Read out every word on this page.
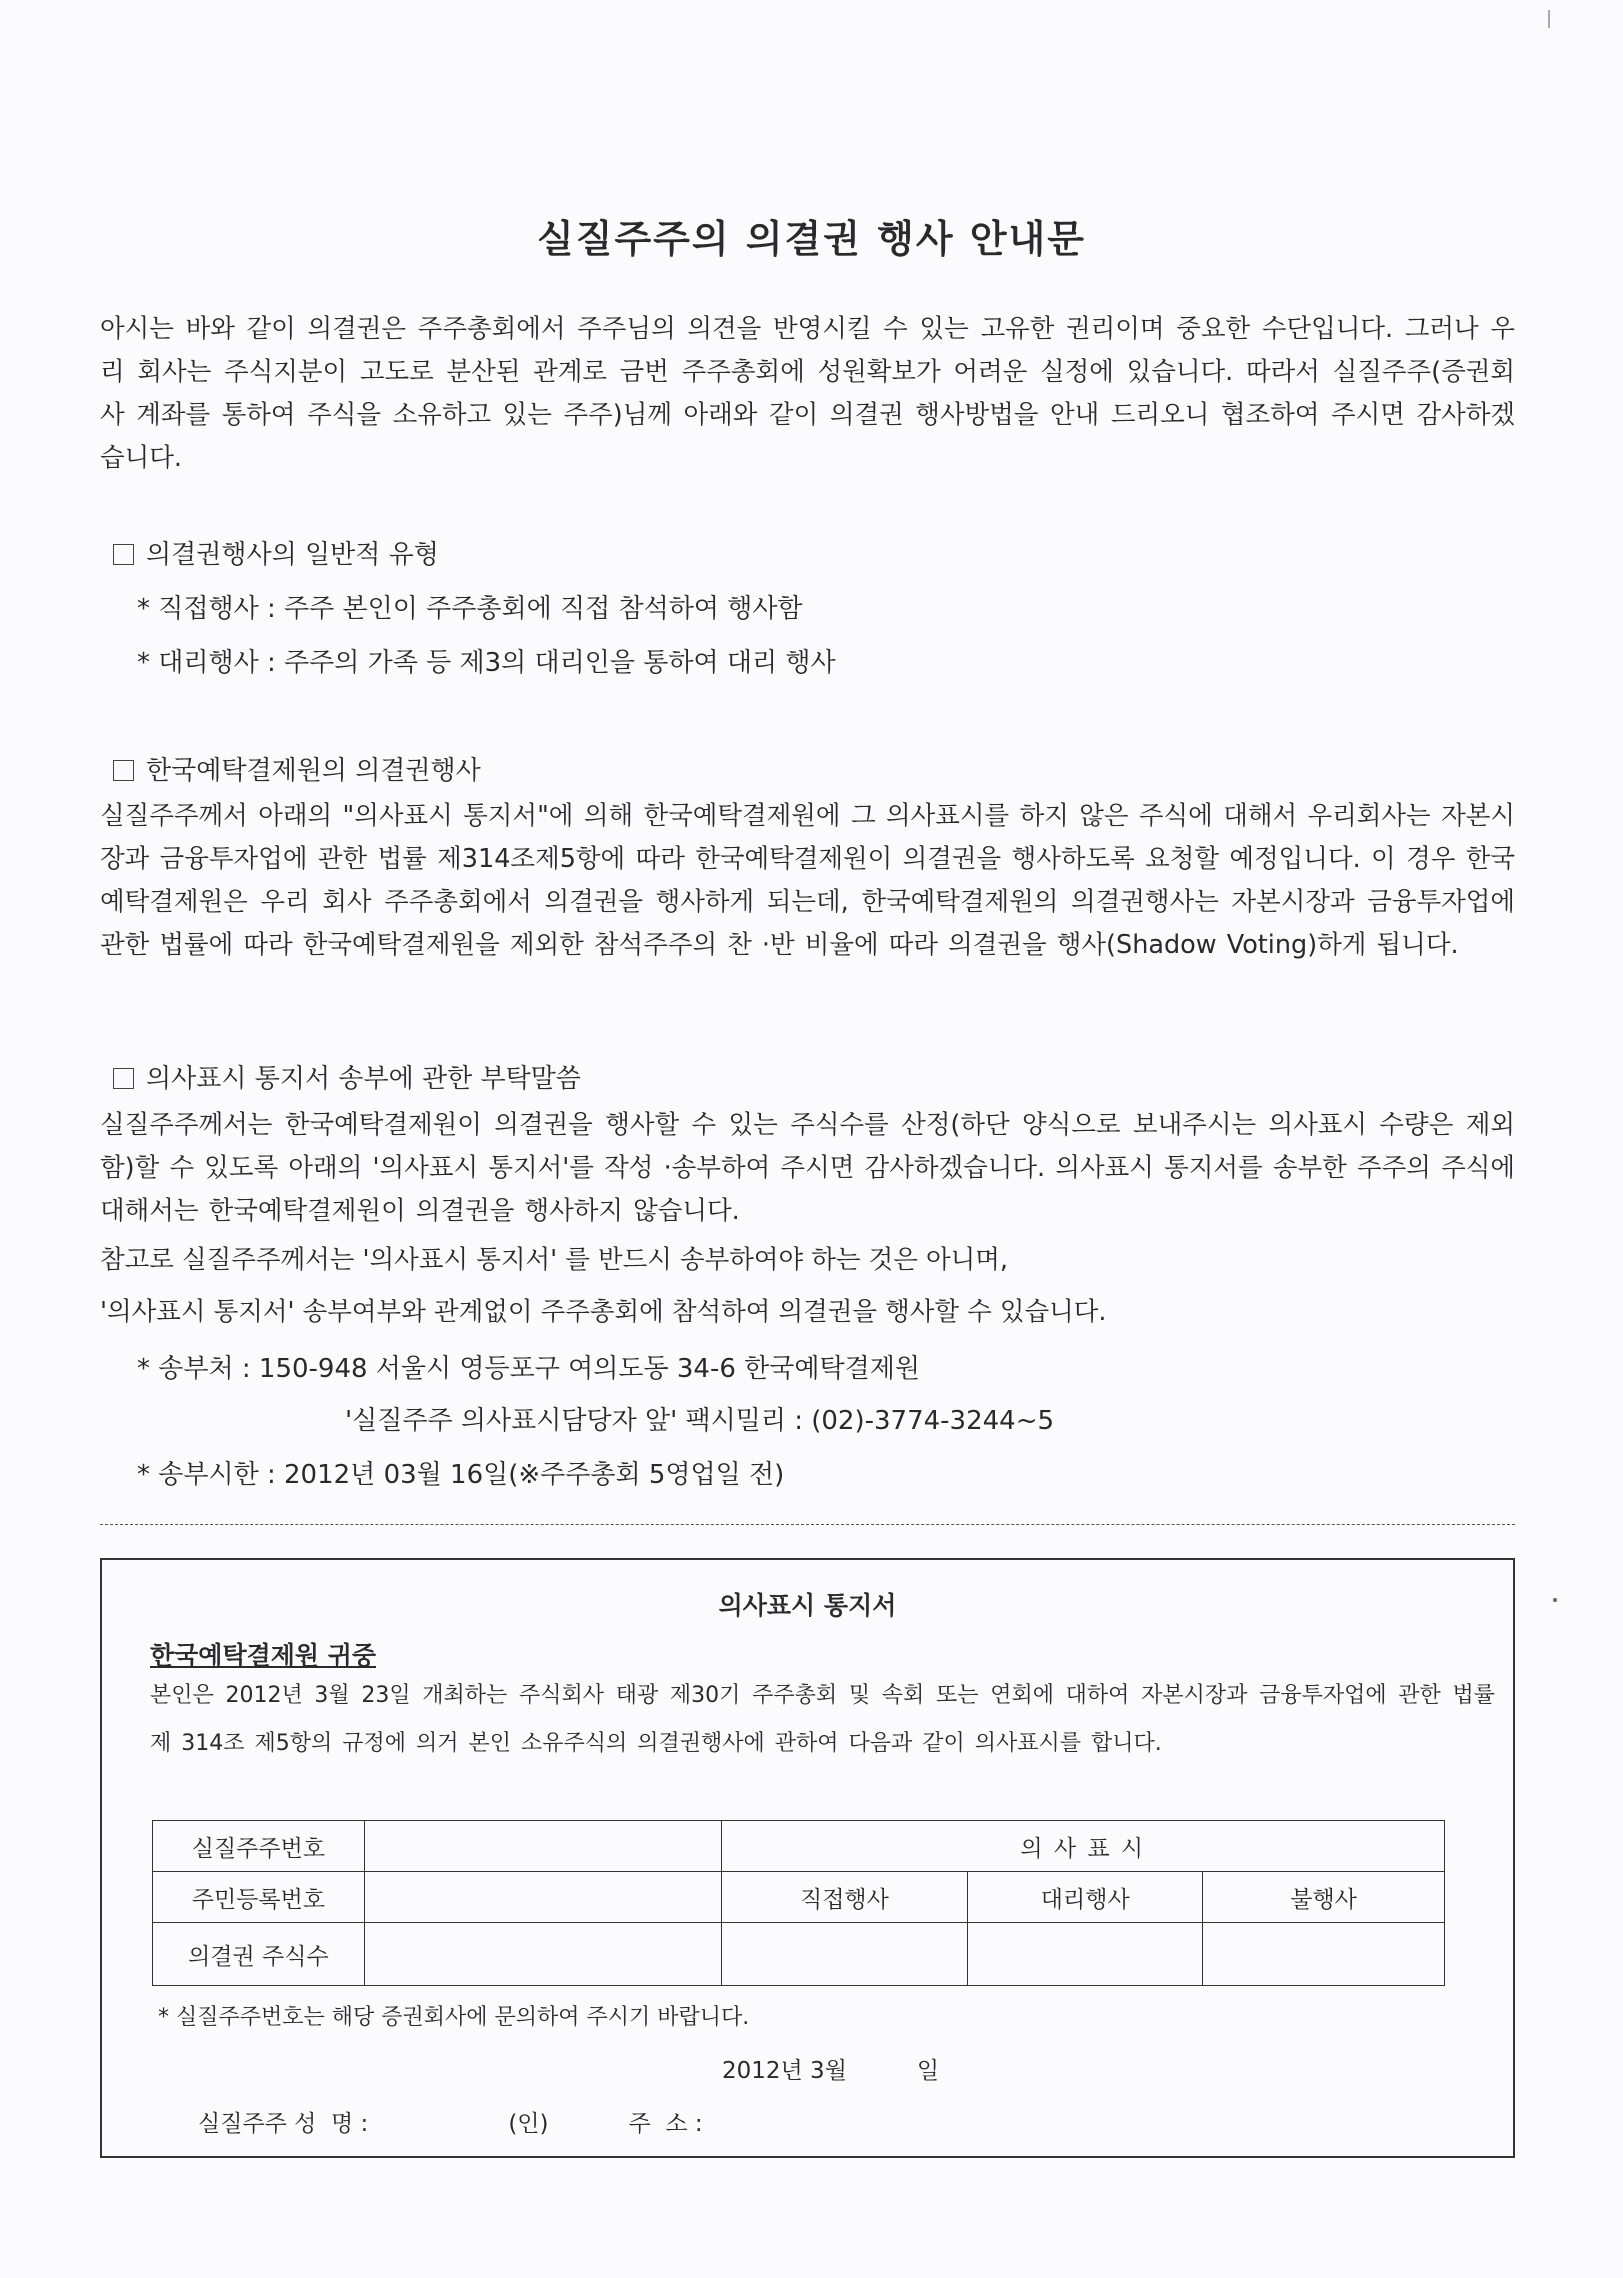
실질주주의 의결권 행사 안내문
아시는 바와 같이 의결권은 주주총회에서 주주님의 의견을 반영시킬 수 있는 고유한 권리이며 중요한 수단입니다. 그러나 우리 회사는 주식지분이 고도로 분산된 관계로 금번 주주총회에 성원확보가 어려운 실정에 있습니다. 따라서 실질주주(증권회사 계좌를 통하여 주식을 소유하고 있는 주주)님께 아래와 같이 의결권 행사방법을 안내 드리오니 협조하여 주시면 감사하겠습니다.
의결권행사의 일반적 유형
* 직접행사 : 주주 본인이 주주총회에 직접 참석하여 행사함
* 대리행사 : 주주의 가족 등 제3의 대리인을 통하여 대리 행사
한국예탁결제원의 의결권행사
실질주주께서 아래의 "의사표시 통지서"에 의해 한국예탁결제원에 그 의사표시를 하지 않은 주식에 대해서 우리회사는 자본시장과 금융투자업에 관한 법률 제314조제5항에 따라 한국예탁결제원이 의결권을 행사하도록 요청할 예정입니다. 이 경우 한국예탁결제원은 우리 회사 주주총회에서 의결권을 행사하게 되는데, 한국예탁결제원의 의결권행사는 자본시장과 금융투자업에 관한 법률에 따라 한국예탁결제원을 제외한 참석주주의 찬 ·반 비율에 따라 의결권을 행사(Shadow Voting)하게 됩니다.
의사표시 통지서 송부에 관한 부탁말씀
실질주주께서는 한국예탁결제원이 의결권을 행사할 수 있는 주식수를 산정(하단 양식으로 보내주시는 의사표시 수량은 제외함)할 수 있도록 아래의 '의사표시 통지서'를 작성 ·송부하여 주시면 감사하겠습니다. 의사표시 통지서를 송부한 주주의 주식에 대해서는 한국예탁결제원이 의결권을 행사하지 않습니다.
참고로 실질주주께서는 '의사표시 통지서' 를 반드시 송부하여야 하는 것은 아니며,
'의사표시 통지서' 송부여부와 관계없이 주주총회에 참석하여 의결권을 행사할 수 있습니다.
* 송부처 : 150-948 서울시 영등포구 여의도동 34-6 한국예탁결제원
'실질주주 의사표시담당자 앞' 팩시밀리 : (02)-3774-3244~5
* 송부시한 : 2012년 03월 16일(※주주총회 5영업일 전)
의사표시 통지서
한국예탁결제원 귀중
본인은 2012년 3월 23일 개최하는 주식회사 태광 제30기 주주총회 및 속회 또는 연회에 대하여 자본시장과 금융투자업에 관한 법률 제 314조 제5항의 규정에 의거 본인 소유주식의 의결권행사에 관하여 다음과 같이 의사표시를 합니다.
실질주주번호		의 사 표 시		
주민등록번호		직접행사	대리행사	불행사
의결권 주식수				
* 실질주주번호는 해당 증권회사에 문의하여 주시기 바랍니다.
2012년 3월	일
실질주주 성  명 :	(인)	주  소 :
